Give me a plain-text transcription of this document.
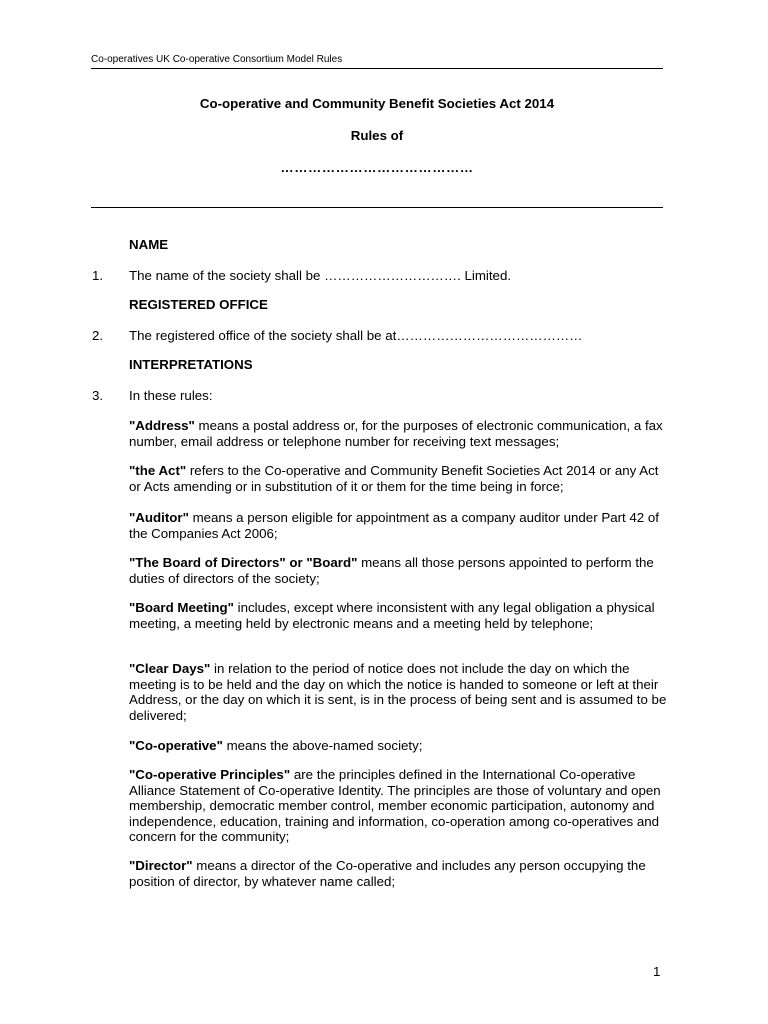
Co-operatives UK Co-operative Consortium Model Rules
Co-operative and Community Benefit Societies Act 2014
Rules of
……………………………………
NAME
1. The name of the society shall be …………………………. Limited.
REGISTERED OFFICE
2. The registered office of the society shall be at……………………………………
INTERPRETATIONS
3. In these rules:
"Address" means a postal address or, for the purposes of electronic communication, a fax number, email address or telephone number for receiving text messages;
"the Act" refers to the Co-operative and Community Benefit Societies Act 2014 or any Act or Acts amending or in substitution of it or them for the time being in force;
"Auditor" means a person eligible for appointment as a company auditor under Part 42 of the Companies Act 2006;
"The Board of Directors" or "Board" means all those persons appointed to perform the duties of directors of the society;
"Board Meeting" includes, except where inconsistent with any legal obligation a physical meeting, a meeting held by electronic means and a meeting held by telephone;
"Clear Days" in relation to the period of notice does not include the day on which the meeting is to be held and the day on which the notice is handed to someone or left at their Address, or the day on which it is sent, is in the process of being sent and is assumed to be delivered;
"Co-operative" means the above-named society;
"Co-operative Principles" are the principles defined in the International Co-operative Alliance Statement of Co-operative Identity. The principles are those of voluntary and open membership, democratic member control, member economic participation, autonomy and independence, education, training and information, co-operation among co-operatives and concern for the community;
"Director" means a director of the Co-operative and includes any person occupying the position of director, by whatever name called;
1
